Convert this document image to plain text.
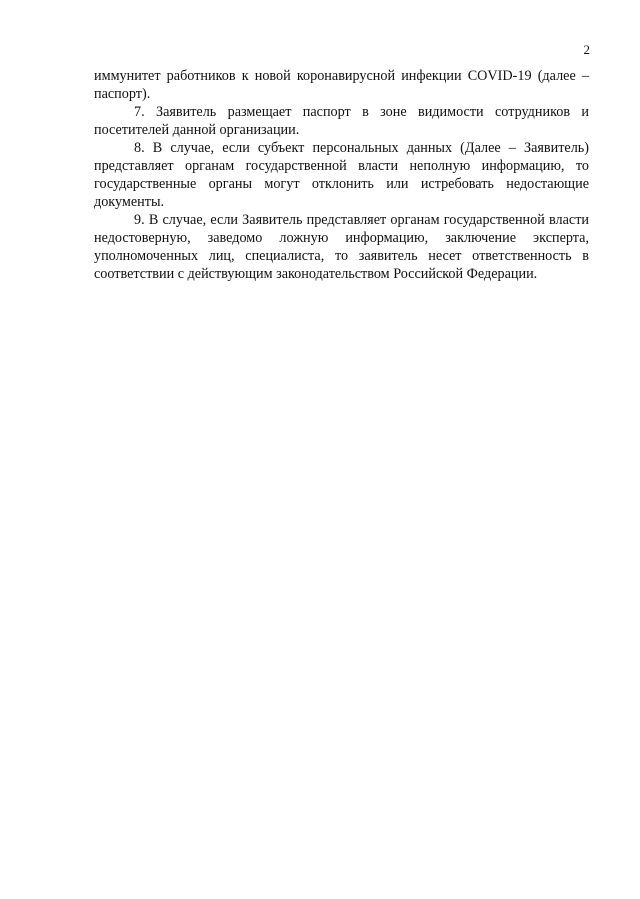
2

иммунитет работников к новой коронавирусной инфекции COVID-19 (далее – паспорт).

7. Заявитель размещает паспорт в зоне видимости сотрудников и посетителей данной организации.

8. В случае, если субъект персональных данных (Далее – Заявитель) представляет органам государственной власти неполную информацию, то государственные органы могут отклонить или истребовать недостающие документы.

9. В случае, если Заявитель представляет органам государственной власти недостоверную, заведомо ложную информацию, заключение эксперта, уполномоченных лиц, специалиста, то заявитель несет ответственность в соответствии с действующим законодательством Российской Федерации.
